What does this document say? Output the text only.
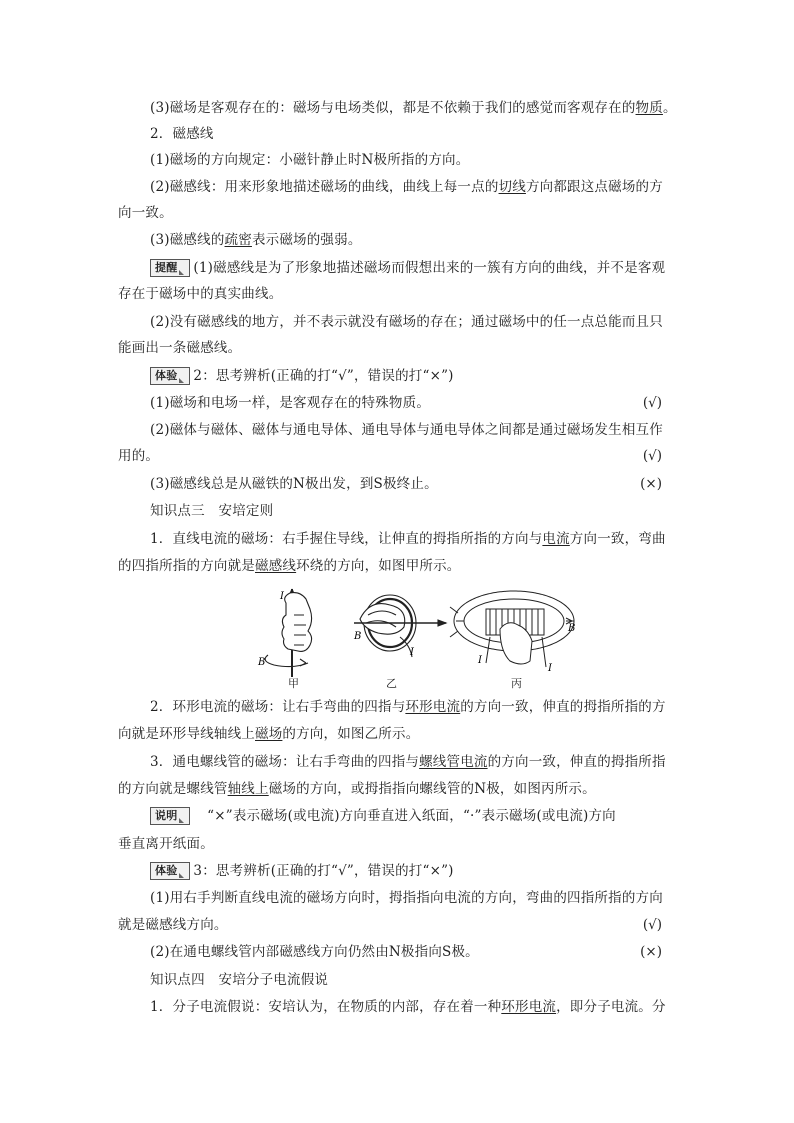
(3)磁场是客观存在的：磁场与电场类似，都是不依赖于我们的感觉而客观存在的物质。
2．磁感线
(1)磁场的方向规定：小磁针静止时N极所指的方向。
(2)磁感线：用来形象地描述磁场的曲线，曲线上每一点的切线方向都跟这点磁场的方
向一致。
(3)磁感线的疏密表示磁场的强弱。
提醒 (1)磁感线是为了形象地描述磁场而假想出来的一簇有方向的曲线，并不是客观
存在于磁场中的真实曲线。
(2)没有磁感线的地方，并不表示就没有磁场的存在；通过磁场中的任一点总能而且只
能画出一条磁感线。
体验 2：思考辨析(正确的打“√”，错误的打“×”)
(1)磁场和电场一样，是客观存在的特殊物质。	(√)
(2)磁体与磁体、磁体与通电导体、通电导体与通电导体之间都是通过磁场发生相互作
用的。	(√)
(3)磁感线总是从磁铁的N极出发，到S极终止。	(×)
知识点三　安培定则
1．直线电流的磁场：右手握住导线，让伸直的拇指所指的方向与电流方向一致，弯曲
的四指所指的方向就是磁感线环绕的方向，如图甲所示。
I
B
B
I
B
I
I
甲	乙	丙
2．环形电流的磁场：让右手弯曲的四指与环形电流的方向一致，伸直的拇指所指的方
向就是环形导线轴线上磁场的方向，如图乙所示。
3．通电螺线管的磁场：让右手弯曲的四指与螺线管电流的方向一致，伸直的拇指所指
的方向就是螺线管轴线上磁场的方向，或拇指指向螺线管的N极，如图丙所示。
说明　“×”表示磁场(或电流)方向垂直进入纸面，“·”表示磁场(或电流)方向
垂直离开纸面。
体验 3：思考辨析(正确的打“√”，错误的打“×”)
(1)用右手判断直线电流的磁场方向时，拇指指向电流的方向，弯曲的四指所指的方向
就是磁感线方向。	(√)
(2)在通电螺线管内部磁感线方向仍然由N极指向S极。	(×)
知识点四　安培分子电流假说
1．分子电流假说：安培认为，在物质的内部，存在着一种环形电流，即分子电流。分
